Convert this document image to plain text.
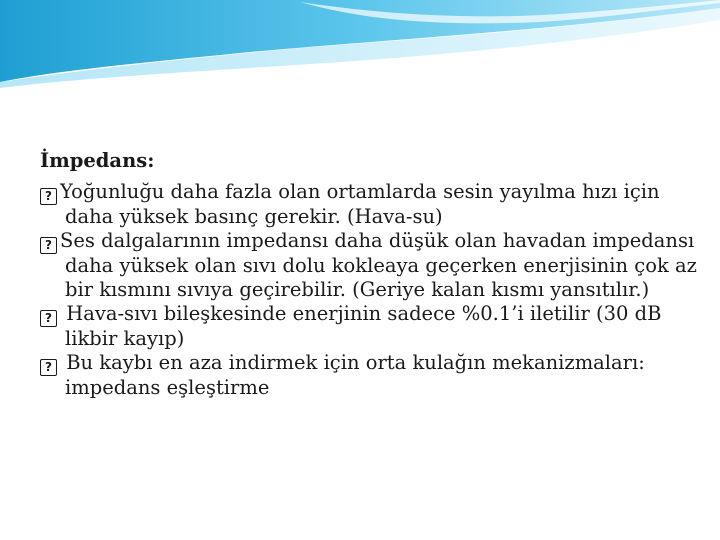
İmpedans:

? Yoğunluğu daha fazla olan ortamlarda sesin yayılma hızı için daha yüksek basınç gerekir. (Hava-su)

? Ses dalgalarının impedansı daha düşük olan havadan impedansı daha yüksek olan sıvı dolu kokleaya geçerken enerjisinin çok az bir kısmını sıvıya geçirebilir. (Geriye kalan kısmı yansıtılır.)

? Hava-sıvı bileşkesinde enerjinin sadece %0.1’i iletilir (30 dB likbir kayıp)

? Bu kaybı en aza indirmek için orta kulağın mekanizmaları: impedans eşleştirme
